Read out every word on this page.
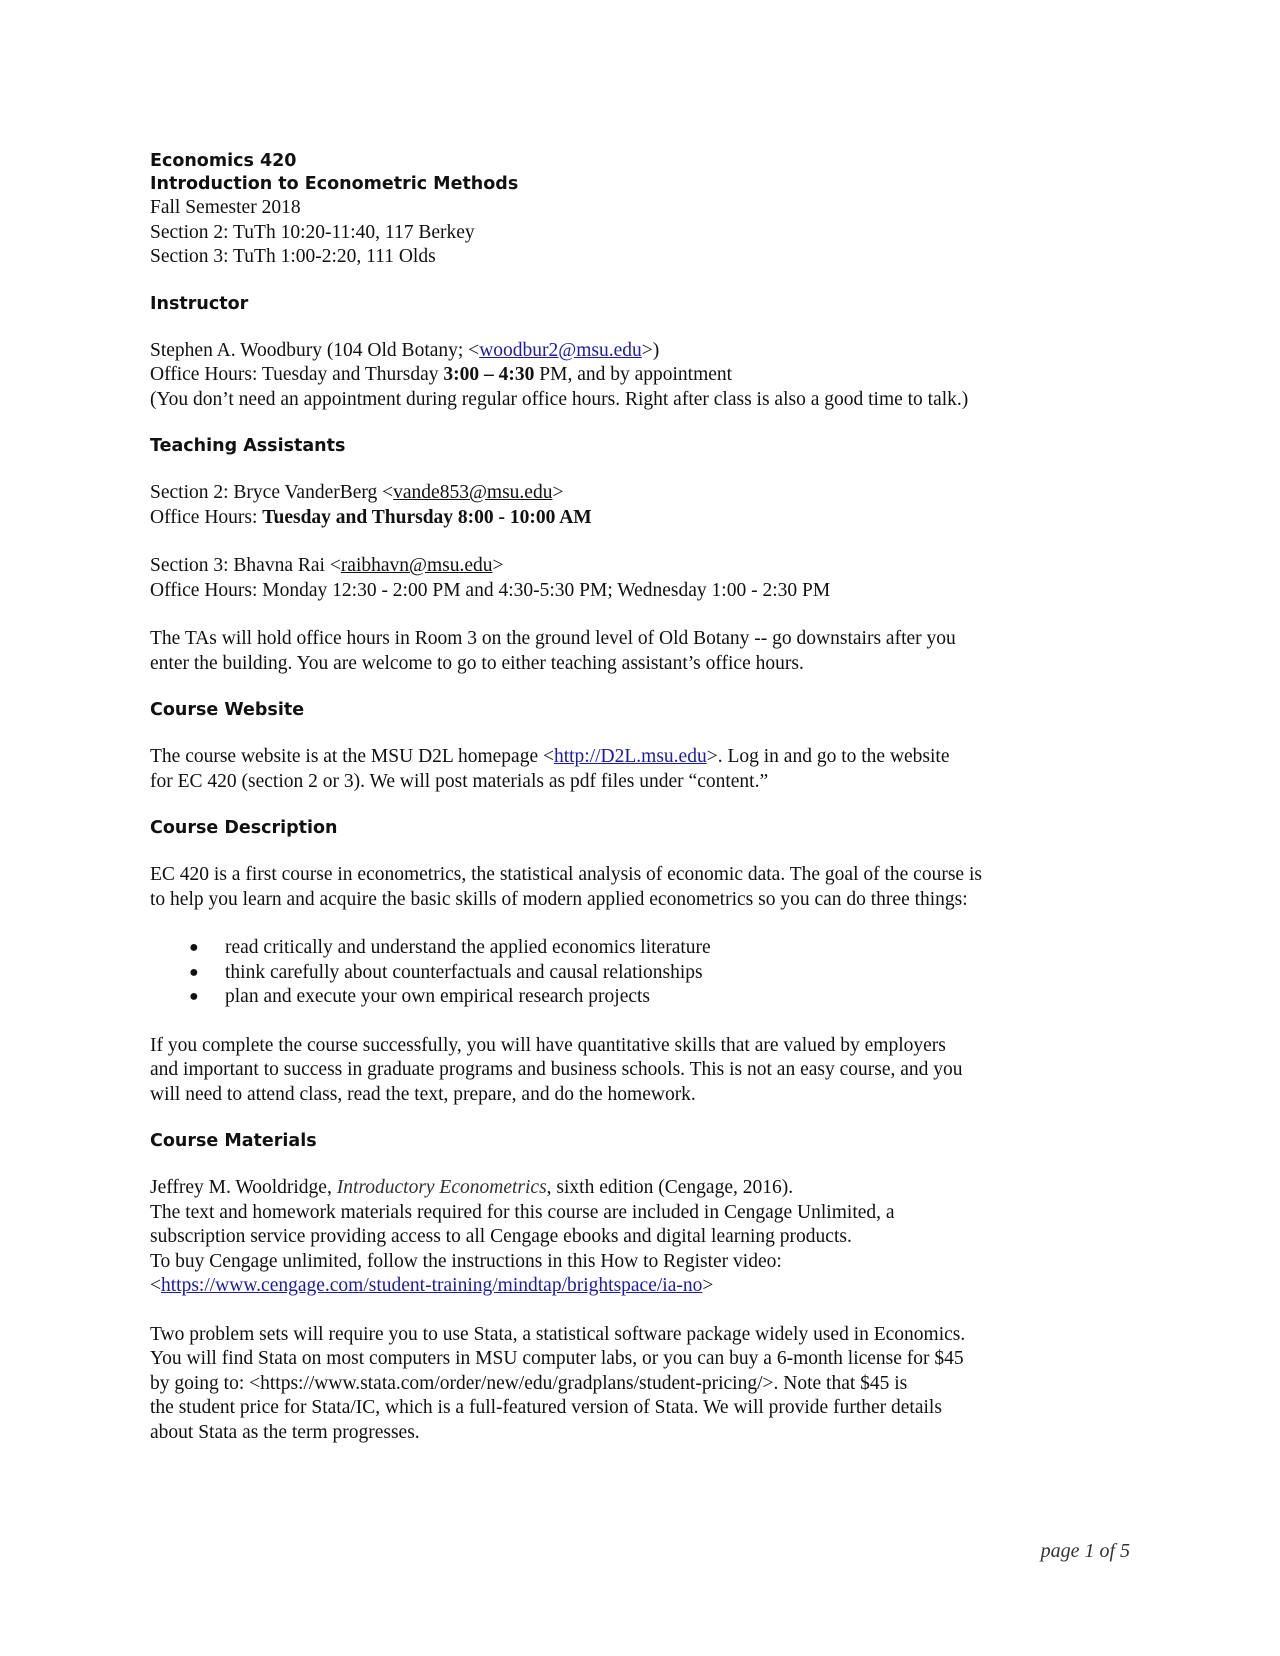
Economics 420
Introduction to Econometric Methods
Fall Semester 2018
Section 2: TuTh 10:20-11:40, 117 Berkey
Section 3: TuTh 1:00-2:20, 111 Olds
Instructor
Stephen A. Woodbury (104 Old Botany; <woodbur2@msu.edu>)
Office Hours: Tuesday and Thursday 3:00 – 4:30 PM, and by appointment
(You don’t need an appointment during regular office hours. Right after class is also a good time to talk.)
Teaching Assistants
Section 2: Bryce VanderBerg <vande853@msu.edu>
Office Hours: Tuesday and Thursday 8:00 - 10:00 AM
Section 3: Bhavna Rai <raibhavn@msu.edu>
Office Hours: Monday 12:30 - 2:00 PM and 4:30-5:30 PM; Wednesday 1:00 - 2:30 PM
The TAs will hold office hours in Room 3 on the ground level of Old Botany -- go downstairs after you
enter the building. You are welcome to go to either teaching assistant’s office hours.
Course Website
The course website is at the MSU D2L homepage <http://D2L.msu.edu>. Log in and go to the website
for EC 420 (section 2 or 3). We will post materials as pdf files under “content.”
Course Description
EC 420 is a first course in econometrics, the statistical analysis of economic data. The goal of the course is
to help you learn and acquire the basic skills of modern applied econometrics so you can do three things:
● read critically and understand the applied economics literature
● think carefully about counterfactuals and causal relationships
● plan and execute your own empirical research projects
If you complete the course successfully, you will have quantitative skills that are valued by employers
and important to success in graduate programs and business schools. This is not an easy course, and you
will need to attend class, read the text, prepare, and do the homework.
Course Materials
Jeffrey M. Wooldridge, Introductory Econometrics, sixth edition (Cengage, 2016).
The text and homework materials required for this course are included in Cengage Unlimited, a
subscription service providing access to all Cengage ebooks and digital learning products.
To buy Cengage unlimited, follow the instructions in this How to Register video:
<https://www.cengage.com/student-training/mindtap/brightspace/ia-no>
Two problem sets will require you to use Stata, a statistical software package widely used in Economics.
You will find Stata on most computers in MSU computer labs, or you can buy a 6-month license for $45
by going to: <https://www.stata.com/order/new/edu/gradplans/student-pricing/>. Note that $45 is
the student price for Stata/IC, which is a full-featured version of Stata. We will provide further details
about Stata as the term progresses.
page 1 of 5
